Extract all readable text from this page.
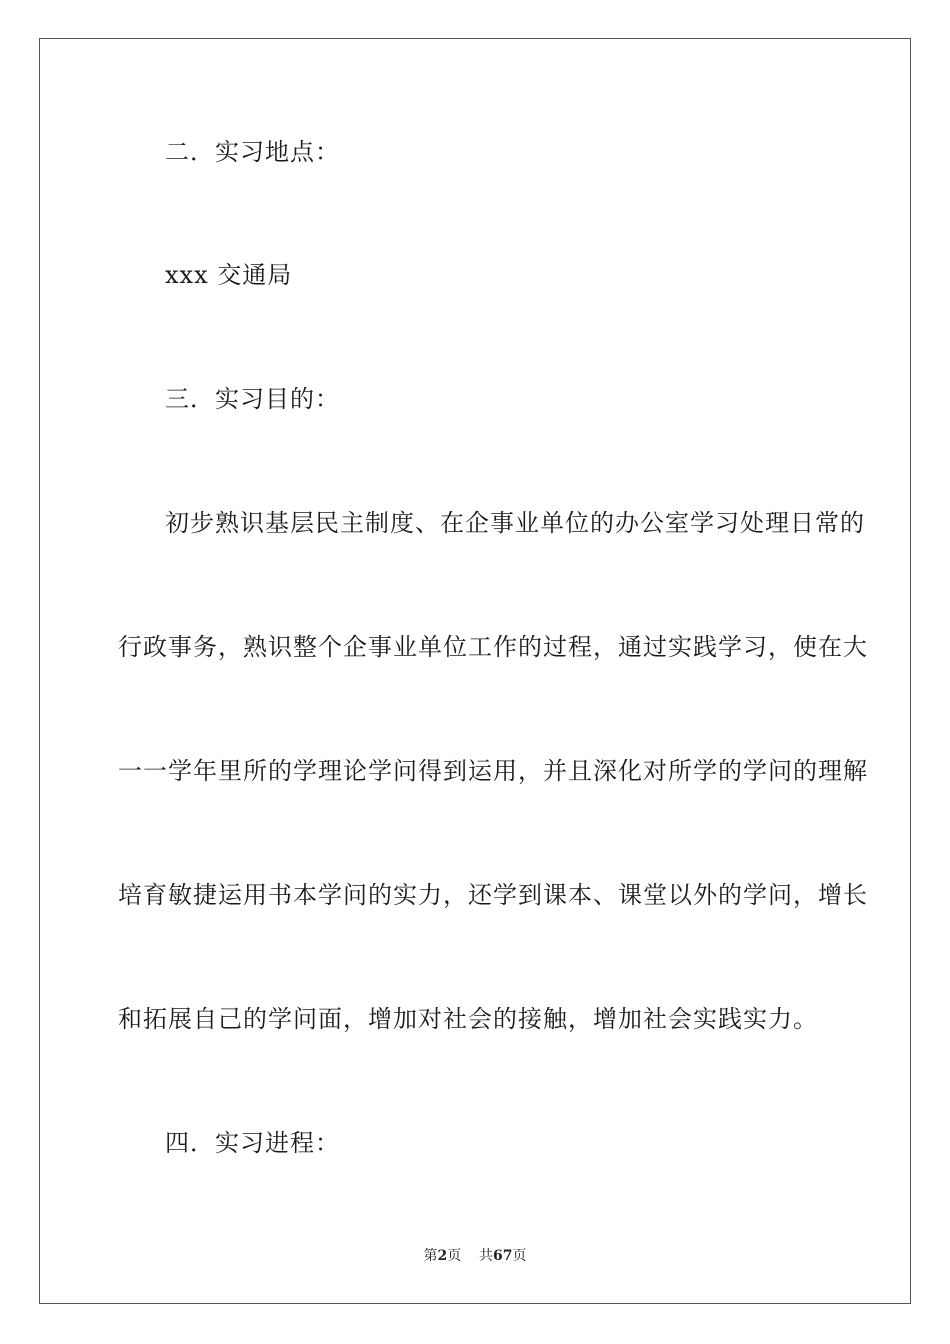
二．实习地点：
xxx 交通局
三．实习目的：
初步熟识基层民主制度、在企事业单位的办公室学习处理日常的
行政事务，熟识整个企事业单位工作的过程，通过实践学习，使在大
一一学年里所的学理论学问得到运用，并且深化对所学的学问的理解
培育敏捷运用书本学问的实力，还学到课本、课堂以外的学问，增长
和拓展自己的学问面，增加对社会的接触，增加社会实践实力。
四．实习进程：
第2页 共67页
